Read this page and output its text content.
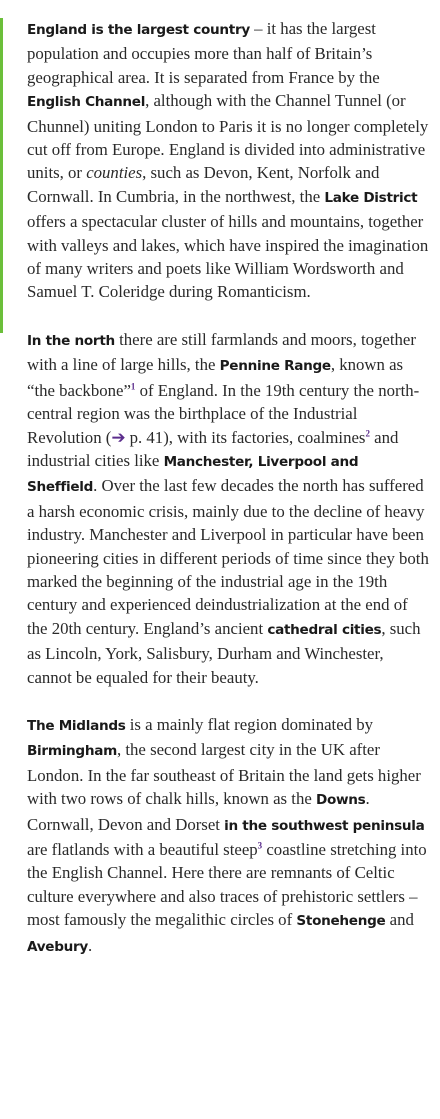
England is the largest country – it has the largest population and occupies more than half of Britain’s geographical area. It is separated from France by the English Channel, although with the Channel Tunnel (or Chunnel) uniting London to Paris it is no longer completely cut off from Europe. England is divided into administrative units, or counties, such as Devon, Kent, Norfolk and Cornwall. In Cumbria, in the northwest, the Lake District offers a spectacular cluster of hills and mountains, together with valleys and lakes, which have inspired the imagination of many writers and poets like William Wordsworth and Samuel T. Coleridge during Romanticism.

In the north there are still farmlands and moors, together with a line of large hills, the Pennine Range, known as “the backbone”$^1$ of England. In the 19th century the north-central region was the birthplace of the Industrial Revolution (➔ p. 41), with its factories, coalmines$^2$ and industrial cities like Manchester, Liverpool and Sheffield. Over the last few decades the north has suffered a harsh economic crisis, mainly due to the decline of heavy industry. Manchester and Liverpool in particular have been pioneering cities in different periods of time since they both marked the beginning of the industrial age in the 19th century and experienced deindustrialization at the end of the 20th century. England’s ancient cathedral cities, such as Lincoln, York, Salisbury, Durham and Winchester, cannot be equaled for their beauty.

The Midlands is a mainly flat region dominated by Birmingham, the second largest city in the UK after London. In the far southeast of Britain the land gets higher with two rows of chalk hills, known as the Downs.

Cornwall, Devon and Dorset in the southwest peninsula are flatlands with a beautiful steep$^3$ coastline stretching into the English Channel. Here there are remnants of Celtic culture everywhere and also traces of prehistoric settlers – most famously the megalithic circles of Stonehenge and Avebury.
